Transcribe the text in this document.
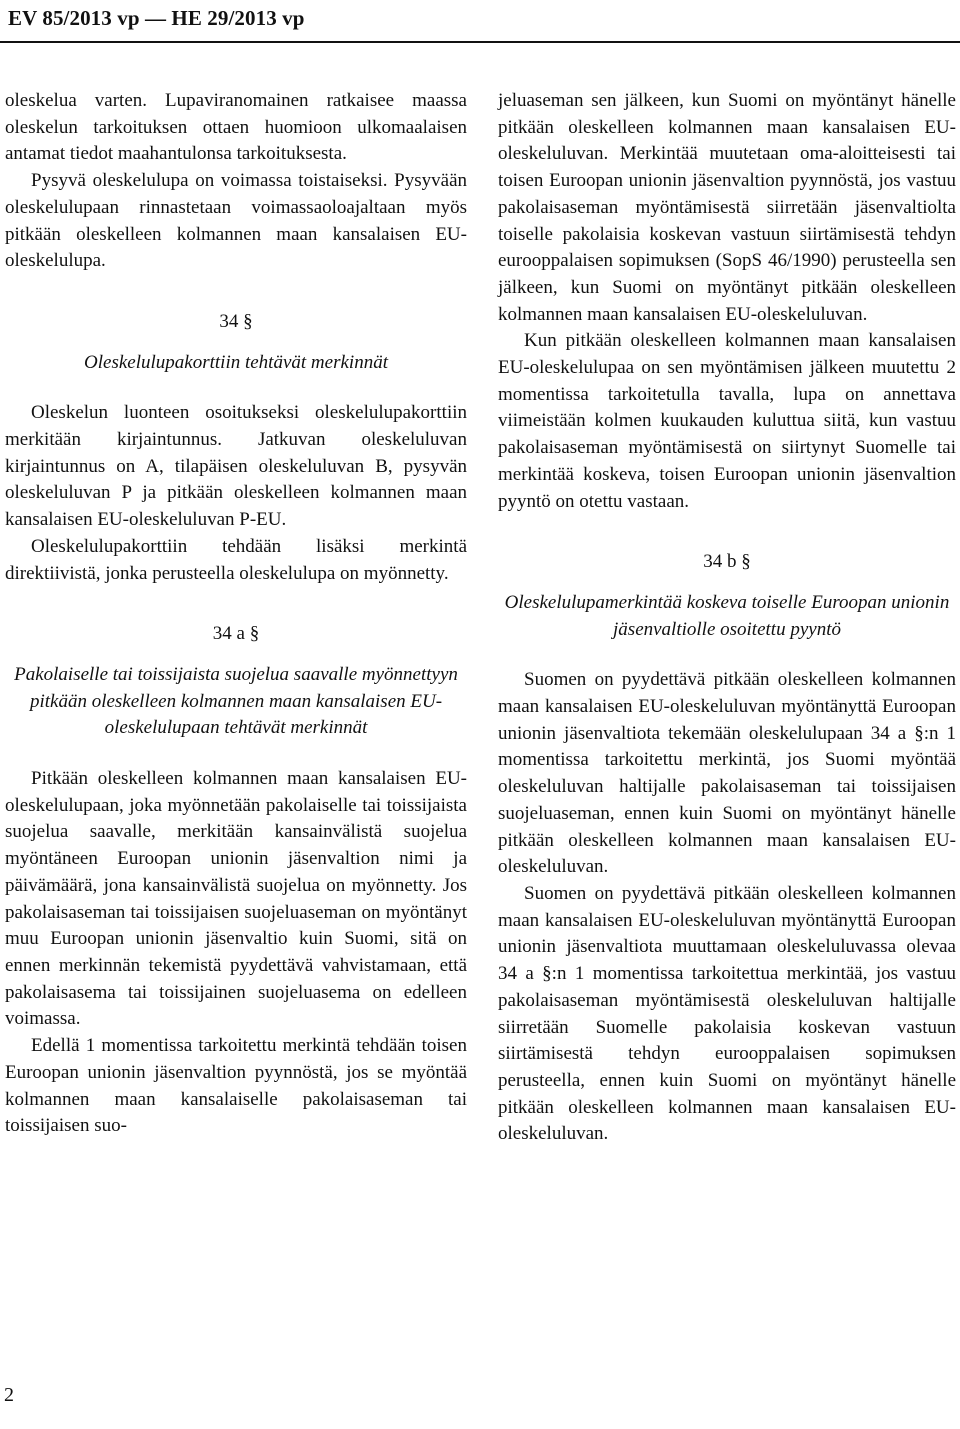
EV 85/2013 vp — HE 29/2013 vp

oleskelua varten. Lupaviranomainen ratkaisee maassa oleskelun tarkoituksen ottaen huomioon ulkomaalaisen antamat tiedot maahantulonsa tarkoituksesta.

Pysyvä oleskelulupa on voimassa toistaiseksi. Pysyvään oleskelulupaan rinnastetaan voimassaoloajaltaan myös pitkään oleskelleen kolmannen maan kansalaisen EU-oleskelulupa.

34 §

Oleskelulupakorttiin tehtävät merkinnät

Oleskelun luonteen osoitukseksi oleskelulupakorttiin merkitään kirjaintunnus. Jatkuvan oleskeluluvan kirjaintunnus on A, tilapäisen oleskeluluvan B, pysyvän oleskeluluvan P ja pitkään oleskelleen kolmannen maan kansalaisen EU-oleskeluluvan P-EU.

Oleskelulupakorttiin tehdään lisäksi merkintä direktiivistä, jonka perusteella oleskelulupa on myönnetty.

34 a §

Pakolaiselle tai toissijaista suojelua saavalle myönnettyyn pitkään oleskelleen kolmannen maan kansalaisen EU-oleskelulupaan tehtävät merkinnät

Pitkään oleskelleen kolmannen maan kansalaisen EU-oleskelulupaan, joka myönnetään pakolaiselle tai toissijaista suojelua saavalle, merkitään kansainvälistä suojelua myöntäneen Euroopan unionin jäsenvaltion nimi ja päivämäärä, jona kansainvälistä suojelua on myönnetty. Jos pakolaisaseman tai toissijaisen suojeluaseman on myöntänyt muu Euroopan unionin jäsenvaltio kuin Suomi, sitä on ennen merkinnän tekemistä pyydettävä vahvistamaan, että pakolaisasema tai toissijainen suojeluasema on edelleen voimassa.

Edellä 1 momentissa tarkoitettu merkintä tehdään toisen Euroopan unionin jäsenvaltion pyynnöstä, jos se myöntää kolmannen maan kansalaiselle pakolaisaseman tai toissijaisen suo-

jeluaseman sen jälkeen, kun Suomi on myöntänyt hänelle pitkään oleskelleen kolmannen maan kansalaisen EU-oleskeluluvan. Merkintää muutetaan oma-aloitteisesti tai toisen Euroopan unionin jäsenvaltion pyynnöstä, jos vastuu pakolaisaseman myöntämisestä siirretään jäsenvaltiolta toiselle pakolaisia koskevan vastuun siirtämisestä tehdyn eurooppalaisen sopimuksen (SopS 46/1990) perusteella sen jälkeen, kun Suomi on myöntänyt pitkään oleskelleen kolmannen maan kansalaisen EU-oleskeluluvan.

Kun pitkään oleskelleen kolmannen maan kansalaisen EU-oleskelulupaa on sen myöntämisen jälkeen muutettu 2 momentissa tarkoitetulla tavalla, lupa on annettava viimeistään kolmen kuukauden kuluttua siitä, kun vastuu pakolaisaseman myöntämisestä on siirtynyt Suomelle tai merkintää koskeva, toisen Euroopan unionin jäsenvaltion pyyntö on otettu vastaan.

34 b §

Oleskelulupamerkintää koskeva toiselle Euroopan unionin jäsenvaltiolle osoitettu pyyntö

Suomen on pyydettävä pitkään oleskelleen kolmannen maan kansalaisen EU-oleskeluluvan myöntänyttä Euroopan unionin jäsenvaltiota tekemään oleskelulupaan 34 a §:n 1 momentissa tarkoitettu merkintä, jos Suomi myöntää oleskeluluvan haltijalle pakolaisaseman tai toissijaisen suojeluaseman, ennen kuin Suomi on myöntänyt hänelle pitkään oleskelleen kolmannen maan kansalaisen EU-oleskeluluvan.

Suomen on pyydettävä pitkään oleskelleen kolmannen maan kansalaisen EU-oleskeluluvan myöntänyttä Euroopan unionin jäsenvaltiota muuttamaan oleskeluluvassa olevaa 34 a §:n 1 momentissa tarkoitettua merkintää, jos vastuu pakolaisaseman myöntämisestä oleskeluluvan haltijalle siirretään Suomelle pakolaisia koskevan vastuun siirtämisestä tehdyn eurooppalaisen sopimuksen perusteella, ennen kuin Suomi on myöntänyt hänelle pitkään oleskelleen kolmannen maan kansalaisen EU-oleskeluluvan.

2
